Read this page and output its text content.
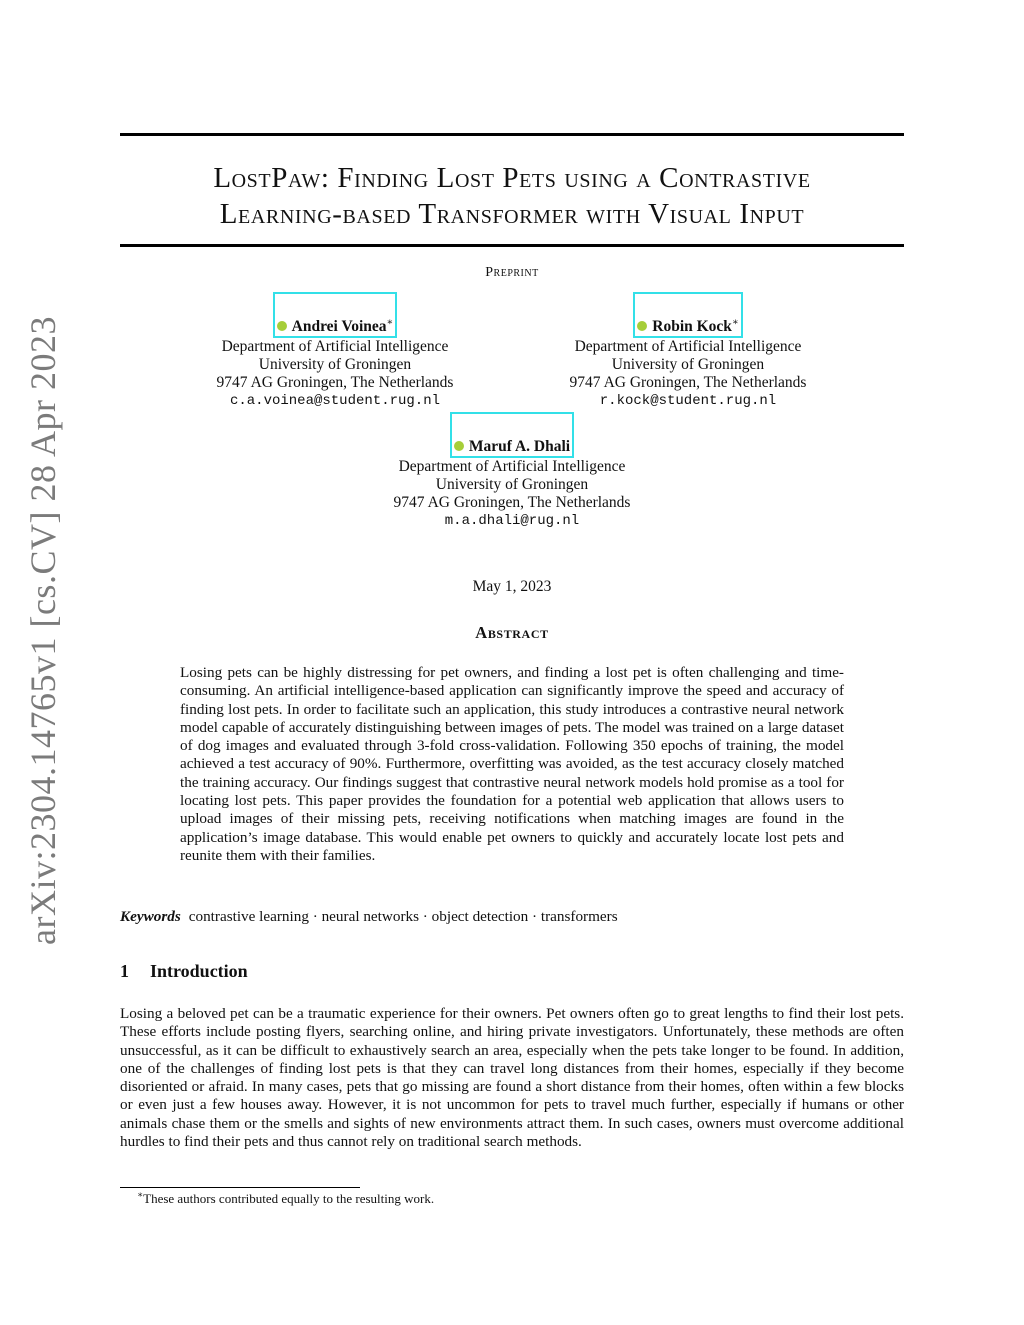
arXiv:2304.14765v1 [cs.CV] 28 Apr 2023
LostPaw: Finding Lost Pets using a Contrastive
Learning-based Transformer with Visual Input
Preprint
Andrei Voinea∗
Department of Artificial Intelligence
University of Groningen
9747 AG Groningen, The Netherlands
c.a.voinea@student.rug.nl
Robin Kock∗
Department of Artificial Intelligence
University of Groningen
9747 AG Groningen, The Netherlands
r.kock@student.rug.nl
Maruf A. Dhali
Department of Artificial Intelligence
University of Groningen
9747 AG Groningen, The Netherlands
m.a.dhali@rug.nl
May 1, 2023
Abstract
Losing pets can be highly distressing for pet owners, and finding a lost pet is often challenging and time-consuming. An artificial intelligence-based application can significantly improve the speed and accuracy of finding lost pets. In order to facilitate such an application, this study introduces a contrastive neural network model capable of accurately distinguishing between images of pets. The model was trained on a large dataset of dog images and evaluated through 3-fold cross-validation. Following 350 epochs of training, the model achieved a test accuracy of 90%. Furthermore, overfitting was avoided, as the test accuracy closely matched the training accuracy. Our findings suggest that contrastive neural network models hold promise as a tool for locating lost pets. This paper provides the foundation for a potential web application that allows users to upload images of their missing pets, receiving notifications when matching images are found in the application’s image database. This would enable pet owners to quickly and accurately locate lost pets and reunite them with their families.
Keywords contrastive learning · neural networks · object detection · transformers
1 Introduction
Losing a beloved pet can be a traumatic experience for their owners. Pet owners often go to great lengths to find their lost pets. These efforts include posting flyers, searching online, and hiring private investigators. Unfortunately, these methods are often unsuccessful, as it can be difficult to exhaustively search an area, especially when the pets take longer to be found. In addition, one of the challenges of finding lost pets is that they can travel long distances from their homes, especially if they become disoriented or afraid. In many cases, pets that go missing are found a short distance from their homes, often within a few blocks or even just a few houses away. However, it is not uncommon for pets to travel much further, especially if humans or other animals chase them or the smells and sights of new environments attract them. In such cases, owners must overcome additional hurdles to find their pets and thus cannot rely on traditional search methods.
∗These authors contributed equally to the resulting work.
